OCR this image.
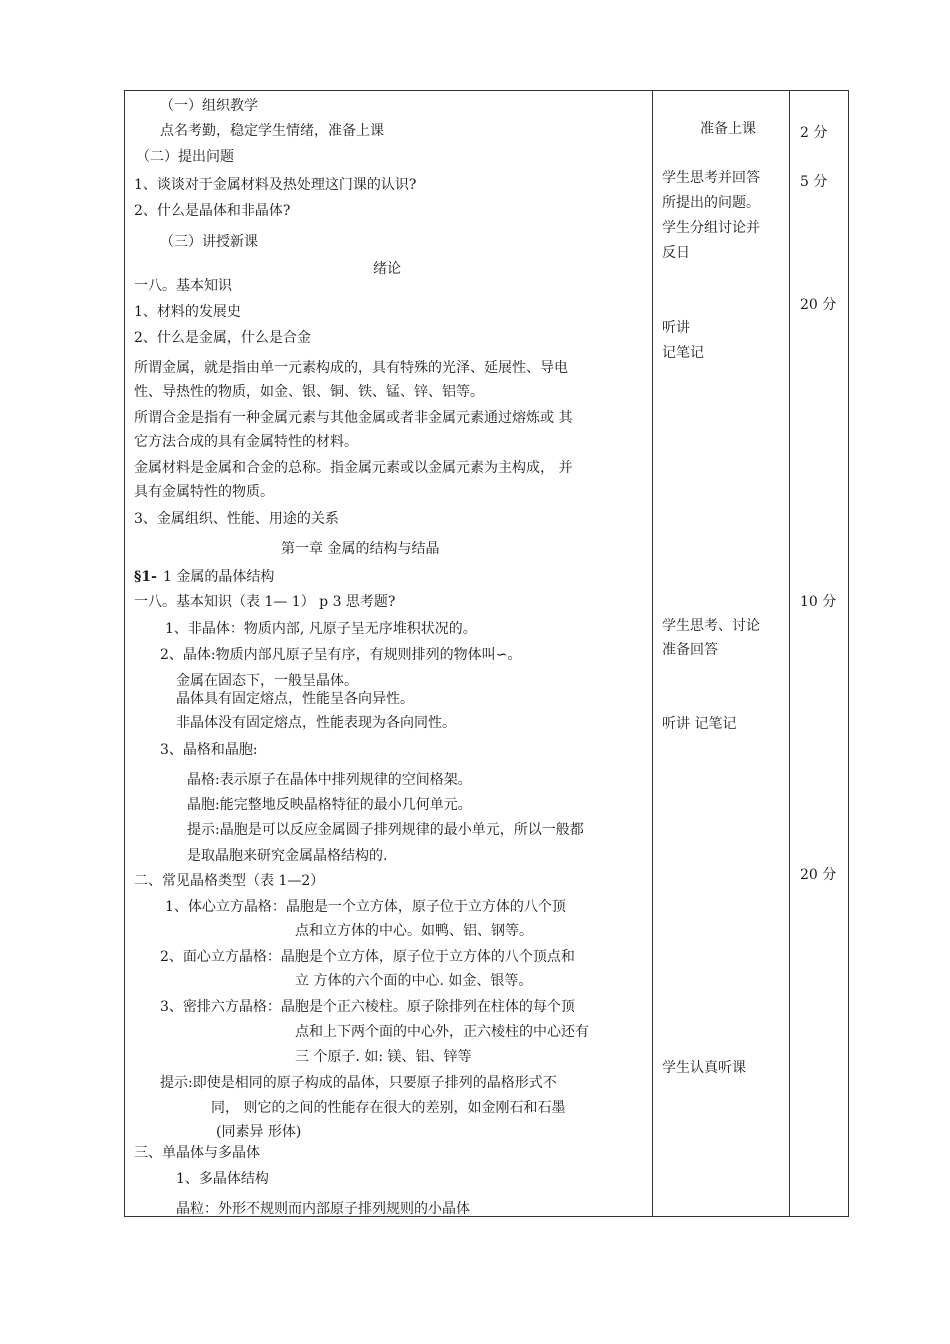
（一）组织教学
点名考勤，稳定学生情绪，准备上课
（二）提出问题
1、谈谈对于金属材料及热处理这门课的认识?
2、什么是晶体和非晶体?
（三）讲授新课
绪论
一八。基本知识
1、材料的发展史
2、什么是金属，什么是合金
所谓金属，就是指由单一元素构成的，具有特殊的光泽、延展性、导电
性、导热性的物质，如金、银、铜、铁、锰、锌、铝等。
所谓合金是指有一种金属元素与其他金属或者非金属元素通过熔炼或 其
它方法合成的具有金属特性的材料。
金属材料是金属和合金的总称。指金属元素或以金属元素为主构成， 并
具有金属特性的物质。
3、金属组织、性能、用途的关系
第一章 金属的结构与结晶
§1- 1 金属的晶体结构
一八。基本知识（表 1— 1） p 3 思考题?
1、非晶体：物质内部, 凡原子呈无序堆积状况的。
2、晶体:物质内部凡原子呈有序，有规则排列的物体叫∽。
金属在固态下，一般呈晶体。
晶体具有固定熔点，性能呈各向异性。
非晶体没有固定熔点，性能表现为各向同性。
3、晶格和晶胞:
晶格:表示原子在晶体中排列规律的空间格架。
晶胞:能完整地反映晶格特征的最小几何单元。
提示:晶胞是可以反应金属圆子排列规律的最小单元，所以一般都
是取晶胞来研究金属晶格结构的.
二、常见晶格类型（表 1—2）
1、体心立方晶格：晶胞是一个立方体，原子位于立方体的八个顶
点和立方体的中心。如鸭、铝、钢等。
2、面心立方晶格：晶胞是个立方体，原子位于立方体的八个顶点和
立 方体的六个面的中心. 如金、银等。
3、密排六方晶格：晶胞是个正六棱柱。原子除排列在柱体的每个顶
点和上下两个面的中心外，正六棱柱的中心还有
三 个原子. 如: 镁、铝、锌等
提示:即使是相同的原子构成的晶体，只要原子排列的晶格形式不
同， 则它的之间的性能存在很大的差别，如金刚石和石墨
(同素异 形体)
三、单晶体与多晶体
1、多晶体结构
晶粒：外形不规则而内部原子排列规则的小晶体
准备上课
学生思考并回答
所提出的问题。
学生分组讨论并
反日
听讲
记笔记
学生思考、讨论
准备回答
听讲 记笔记
学生认真听课
2 分
5 分
20 分
10 分
20 分
